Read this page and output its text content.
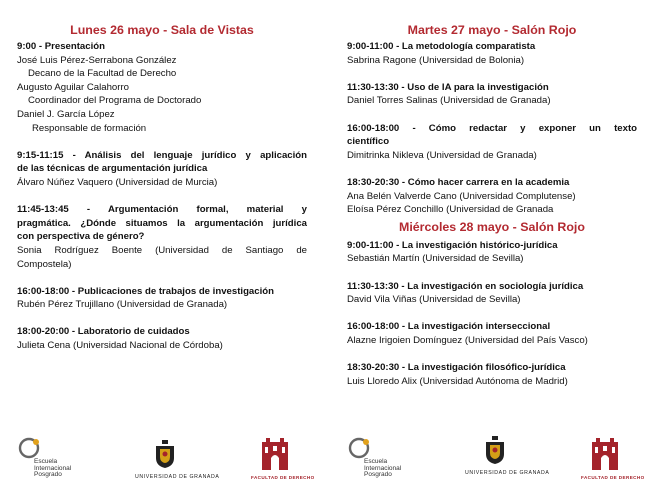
Lunes 26 mayo - Sala de Vistas
9:00 - Presentación
José Luis Pérez-Serrabona González
Decano de la Facultad de Derecho
Augusto Aguilar Calahorro
Coordinador del Programa de Doctorado
Daniel J. García López
Responsable de formación
9:15-11:15 - Análisis del lenguaje jurídico y aplicación
de las técnicas de argumentación jurídica
Álvaro Núñez Vaquero (Universidad de Murcia)
11:45-13:45 - Argumentación formal, material y
pragmática. ¿Dónde situamos la argumentación jurídica
con perspectiva de género?
Sonia Rodríguez Boente (Universidad de Santiago de
Compostela)
16:00-18:00 - Publicaciones de trabajos de investigación
Rubén Pérez Trujillano (Universidad de Granada)
18:00-20:00 - Laboratorio de cuidados
Julieta Cena (Universidad Nacional de Córdoba)
Martes 27 mayo - Salón Rojo
9:00-11:00 - La metodología comparatista
Sabrina Ragone (Universidad de Bolonia)
11:30-13:30 - Uso de IA para la investigación
Daniel Torres Salinas (Universidad de Granada)
16:00-18:00 - Cómo redactar y exponer un texto
científico
Dimitrinka Nikleva (Universidad de Granada)
18:30-20:30 - Cómo hacer carrera en la academia
Ana Belén Valverde Cano (Universidad Complutense)
Eloísa Pérez Conchillo (Universidad de Granada
Miércoles 28 mayo - Salón Rojo
9:00-11:00 - La investigación histórico-jurídica
Sebastián Martín (Universidad de Sevilla)
11:30-13:30 - La investigación en sociología jurídica
David Vila Viñas (Universidad de Sevilla)
16:00-18:00 - La investigación interseccional
Alazne Irigoien Domínguez (Universidad del País Vasco)
18:30-20:30 - La investigación filosófico-jurídica
Luis Lloredo Alix (Universidad Autónoma de Madrid)
Escuela
Internacional
Posgrado	UNIVERSIDAD DE GRANADA	FACULTAD DE DERECHO
Escuela
Internacional
Posgrado	UNIVERSIDAD DE GRANADA
FACULTAD DE DERECHO
